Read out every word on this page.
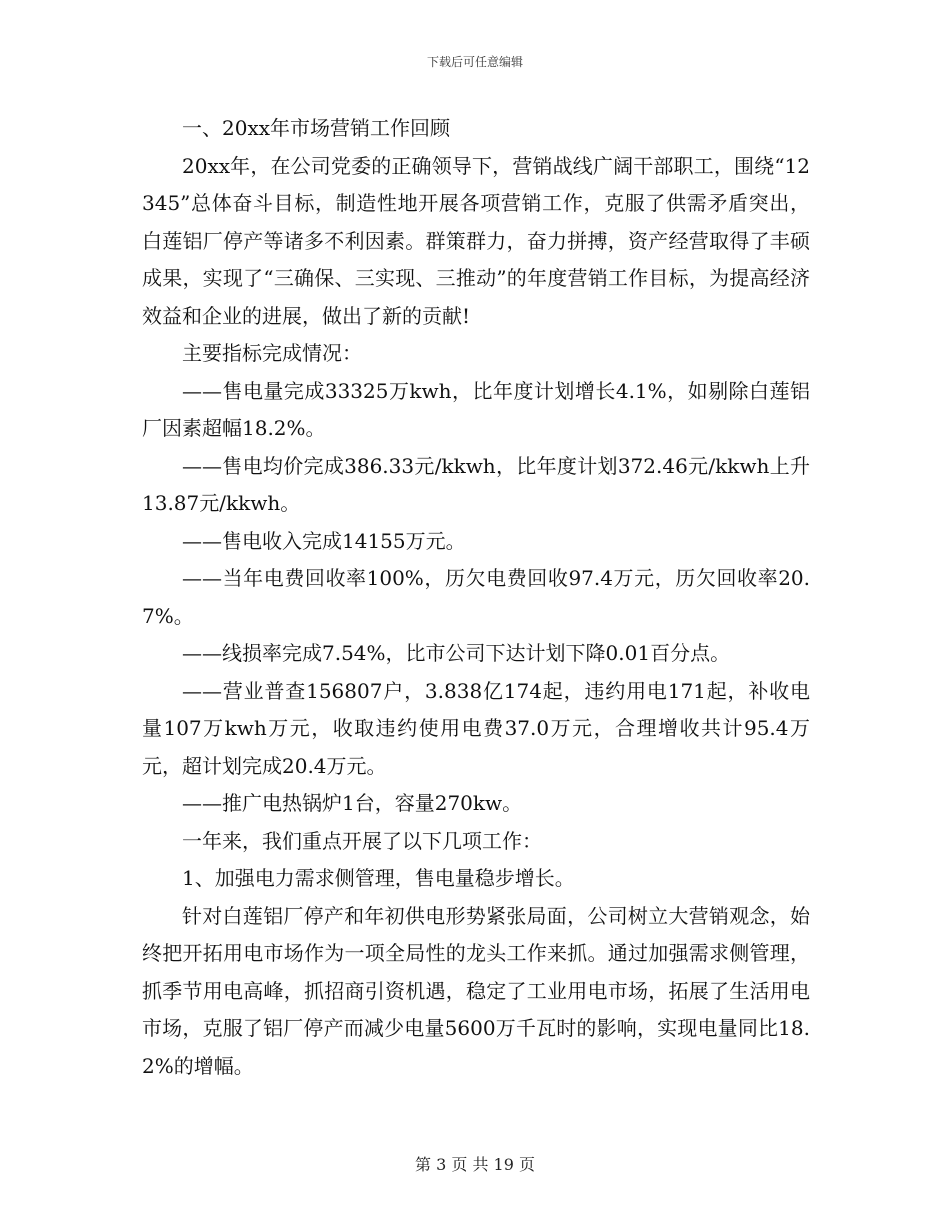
下载后可任意编辑

一、20xx年市场营销工作回顾

20xx年，在公司党委的正确领导下，营销战线广阔干部职工，围绕“12345”总体奋斗目标，制造性地开展各项营销工作，克服了供需矛盾突出，白莲铝厂停产等诸多不利因素。群策群力，奋力拼搏，资产经营取得了丰硕成果，实现了“三确保、三实现、三推动”的年度营销工作目标，为提高经济效益和企业的进展，做出了新的贡献!

主要指标完成情况：

——售电量完成33325万kwh，比年度计划增长4.1%，如剔除白莲铝厂因素超幅18.2%。

——售电均价完成386.33元/kkwh，比年度计划372.46元/kkwh上升13.87元/kkwh。

——售电收入完成14155万元。

——当年电费回收率100%，历欠电费回收97.4万元，历欠回收率20.7%。

——线损率完成7.54%，比市公司下达计划下降0.01百分点。

——营业普查156807户，3.838亿174起，违约用电171起，补收电量107万kwh万元，收取违约使用电费37.0万元，合理增收共计95.4万元，超计划完成20.4万元。

——推广电热锅炉1台，容量270kw。

一年来，我们重点开展了以下几项工作：

1、加强电力需求侧管理，售电量稳步增长。

针对白莲铝厂停产和年初供电形势紧张局面，公司树立大营销观念，始终把开拓用电市场作为一项全局性的龙头工作来抓。通过加强需求侧管理，抓季节用电高峰，抓招商引资机遇，稳定了工业用电市场，拓展了生活用电市场，克服了铝厂停产而减少电量5600万千瓦时的影响，实现电量同比18.2%的增幅。

第 3 页 共 19 页
